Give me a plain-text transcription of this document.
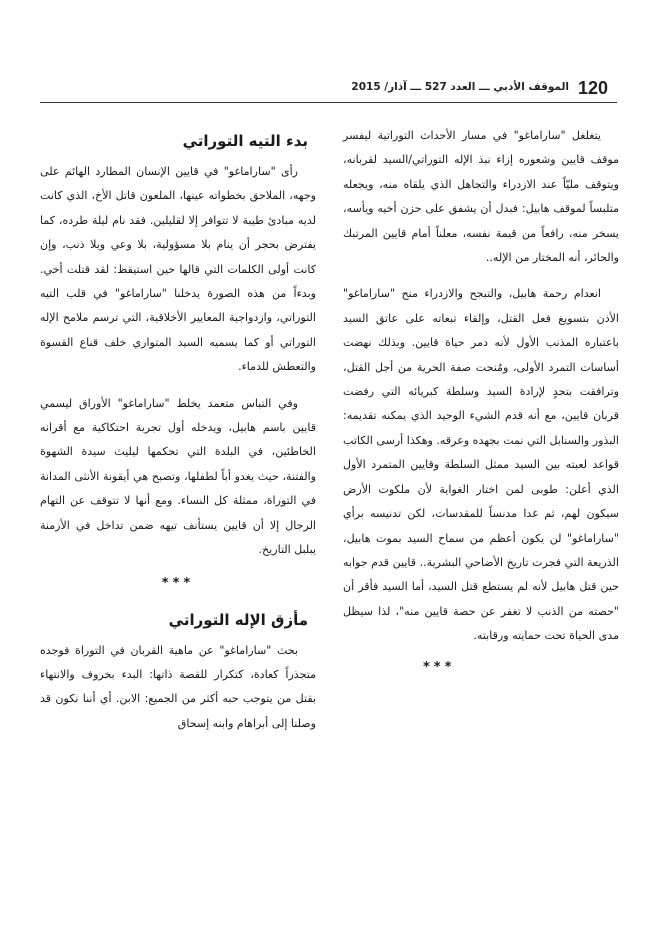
120
الموقف الأدبي ـــ العدد 527 ـــ آذار/ 2015

يتغلغل "ساراماغو" في مسار الأحداث التوراتية ليفسر موقف قايين وشعوره إزاء نبذ الإله التوراتي/السيد لقربانه، ويتوقف مليّاً عند الازدراء والتجاهل الذي يلقاه منه، ويجعله متلبساً لموقف هابيل: فبدل أن يشفق على حزن أخيه ويأسه، يسخر منه، رافعاً من قيمة نفسه، معلناً أمام قايين المرتبك والحائر، أنه المختار من الإله..

انعدام رحمة هابيل، والتبجح والازدراء منح "ساراماغو" الأذن بتسويغ فعل القتل، وإلقاء تبعاته على عاتق السيد باعتباره المذنب الأول لأنه دمر حياة قايين. وبذلك نهضت أساسات التمرد الأولى، ومُنحت صفة الحرية من أجل القتل، وترافقت بتحدٍ لإرادة السيد وسلطة كبريائه التي رفضت قربان قايين، مع أنه قدم الشيء الوحيد الذي يمكنه تقديمه: البذور والسنابل التي نمت بجهده وعرقه. وهكذا أرسى الكاتب قواعد لعبته بين السيد ممثل السلطة وقايين المتمرد الأول الذي أعلن: طوبى لمن اختار الغواية لأن ملكوت الأرض سيكون لهم، ثم غدا مدنساً للمقدسات، لكن تدنيسه برأي "ساراماغو" لن يكون أعظم من سماح السيد بموت هابيل، الذريعة التي فجرت تاريخ الأضاحي البشرية.. قايين قدم جوابه حين قتل هابيل لأنه لم يستطع قتل السيد، أما السيد فأقر أن "حصته من الذنب لا تغفر عن حصة قايين منه"، لذا سيظل مدى الحياة تحت حمايته ورقابته.

***
بدء التيه التوراتي

رأى "ساراماغو" في قايين الإنسان المطارد الهائم على وجهه، الملاحق بخطواته عينها، الملعون قاتل الأخ، الذي كانت لديه مبادئ طيبة لا تتوافر إلا لقليلين. فقد نام ليلة طرده، كما يفترض بحجر أن ينام بلا مسؤولية، بلا وعي وبلا ذنب، وإن كانت أولى الكلمات التي قالها حين استيقظ: لقد قتلت أخي. وبدءاً من هذه الصورة يدخلنا "ساراماغو" في قلب التيه التوراتي، وازدواجية المعايير الأخلاقية، التي ترسم ملامح الإله التوراتي أو كما يسميه السيد المتواري خلف قناع القسوة والتعطش للدماء.

وفي التباس متعمد يخلط "ساراماغو" الأوراق ليسمي قايين باسم هابيل، ويدخله أول تجربة احتكاكية مع أقرانه الخاطئين، في البلدة التي تحكمها ليليث سيدة الشهوة والفتنة، حيث يغدو أباً لطفلها، وتصبح هي أيقونة الأنثى المدانة في التوراة، ممثلة كل النساء. ومع أنها لا تتوقف عن التهام الرجال إلا أن قايين يستأنف تيهه ضمن تداخل في الأزمنة يبلبل التاريخ.

***
مأزق الإله التوراتي

بحث "ساراماغو" عن ماهية القربان في التوراة فوجده متجذراً كعادة، كتكرار للقصة ذاتها: البدء بخروف والانتهاء بقتل من يتوجب حبه أكثر من الجميع: الابن. أي أننا نكون قد وصلنا إلى أبراهام وابنه إسحاق
